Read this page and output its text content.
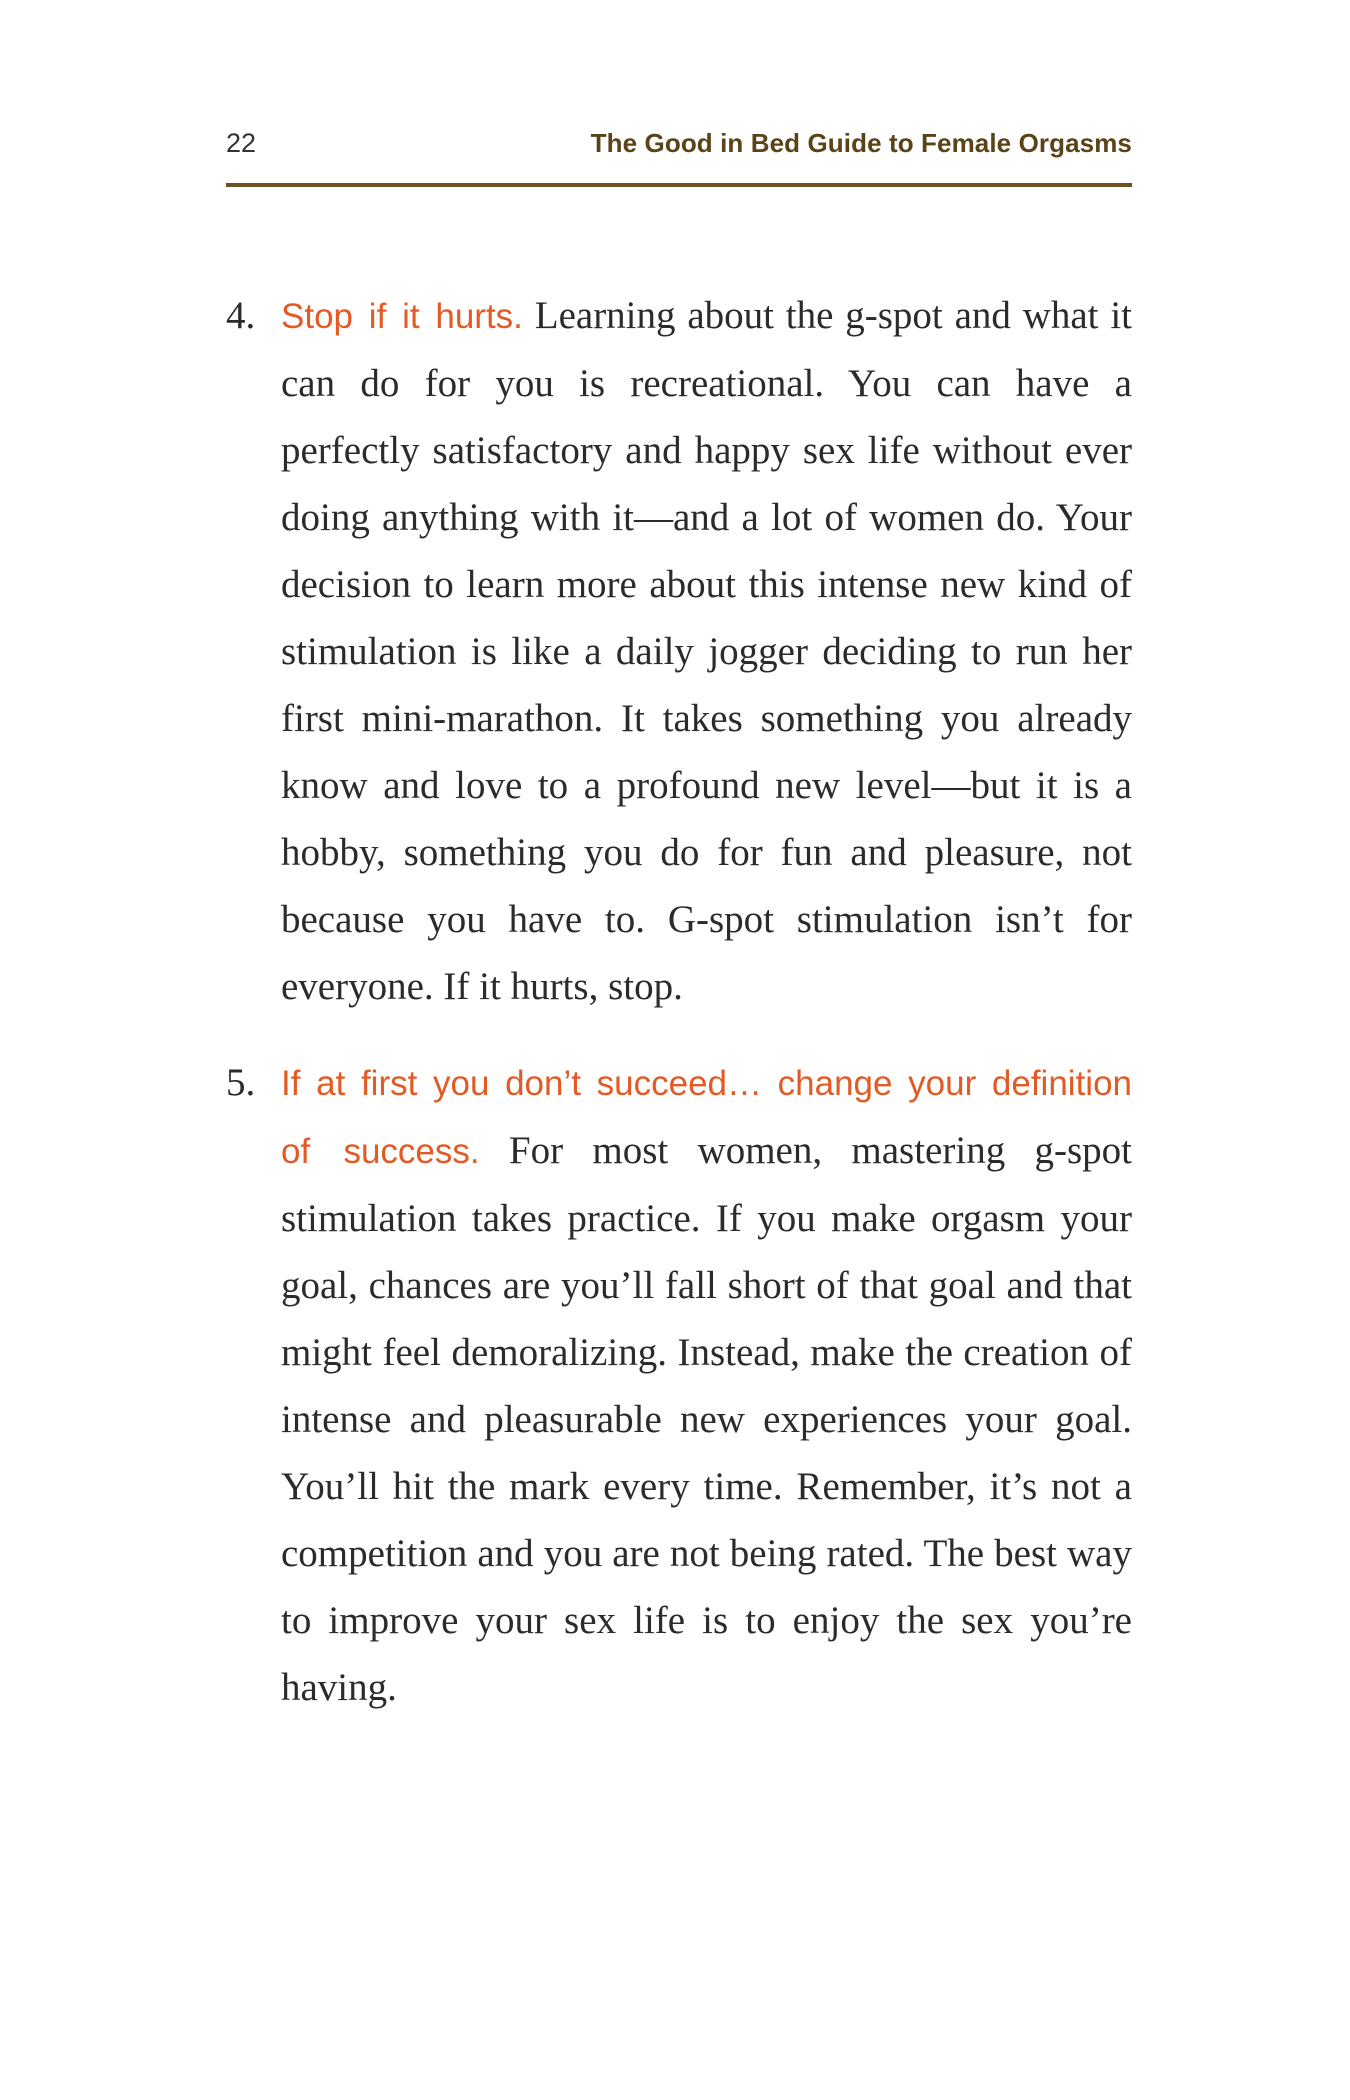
22	The Good in Bed Guide to Female Orgasms
4. Stop if it hurts. Learning about the g-spot and what it can do for you is recreational. You can have a perfectly satisfactory and happy sex life without ever doing anything with it—and a lot of women do. Your decision to learn more about this intense new kind of stimulation is like a daily jogger deciding to run her first mini-marathon. It takes something you already know and love to a profound new level—but it is a hobby, something you do for fun and pleasure, not because you have to. G-spot stimulation isn’t for everyone. If it hurts, stop.
5. If at first you don’t succeed… change your definition of success. For most women, mastering g-spot stimulation takes practice. If you make orgasm your goal, chances are you’ll fall short of that goal and that might feel demoralizing. Instead, make the creation of intense and pleasurable new experiences your goal. You’ll hit the mark every time. Remember, it’s not a competition and you are not being rated. The best way to improve your sex life is to enjoy the sex you’re having.
